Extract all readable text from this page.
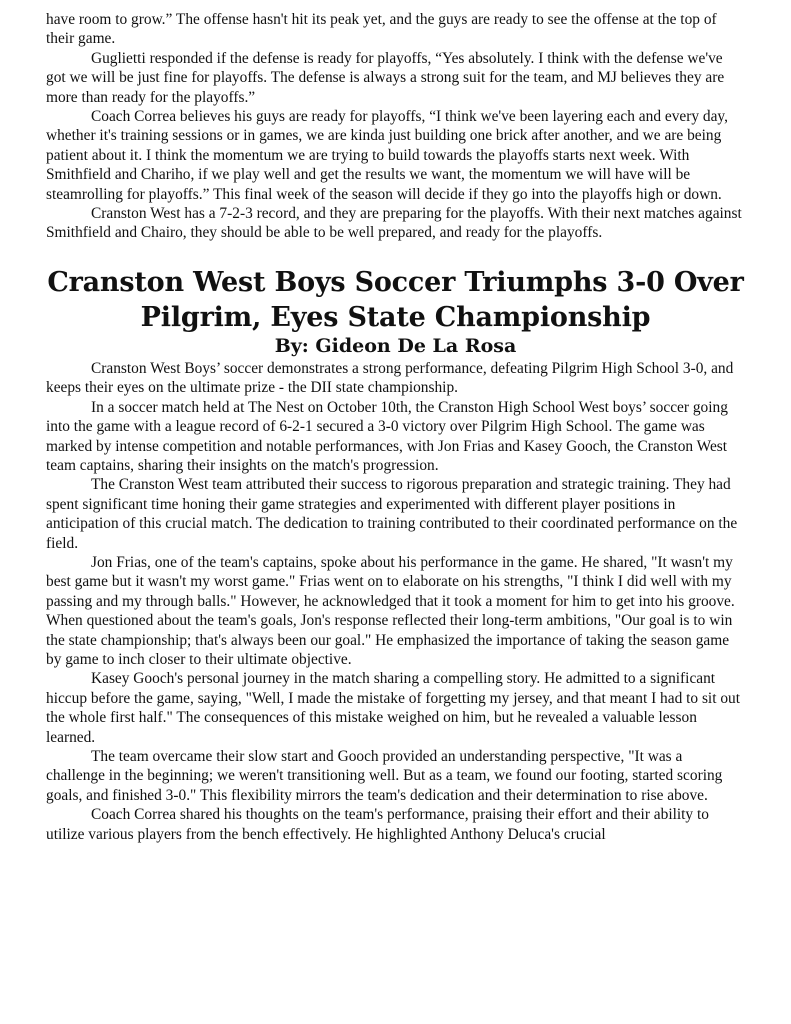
have room to grow.” The offense hasn't hit its peak yet, and the guys are ready to see the offense at the top of their game.

Guglietti responded if the defense is ready for playoffs, “Yes absolutely. I think with the defense we've got we will be just fine for playoffs. The defense is always a strong suit for the team, and MJ believes they are more than ready for the playoffs.”

Coach Correa believes his guys are ready for playoffs, “I think we've been layering each and every day, whether it's training sessions or in games, we are kinda just building one brick after another, and we are being patient about it. I think the momentum we are trying to build towards the playoffs starts next week. With Smithfield and Chariho, if we play well and get the results we want, the momentum we will have will be steamrolling for playoffs.” This final week of the season will decide if they go into the playoffs high or down.

Cranston West has a 7-2-3 record, and they are preparing for the playoffs. With their next matches against Smithfield and Chairo, they should be able to be well prepared, and ready for the playoffs.

Cranston West Boys Soccer Triumphs 3-0 Over Pilgrim, Eyes State Championship
By: Gideon De La Rosa

Cranston West Boys’ soccer demonstrates a strong performance, defeating Pilgrim High School 3-0, and keeps their eyes on the ultimate prize - the DII state championship.

In a soccer match held at The Nest on October 10th, the Cranston High School West boys’ soccer going into the game with a league record of 6-2-1 secured a 3-0 victory over Pilgrim High School. The game was marked by intense competition and notable performances, with Jon Frias and Kasey Gooch, the Cranston West team captains, sharing their insights on the match's progression.

The Cranston West team attributed their success to rigorous preparation and strategic training. They had spent significant time honing their game strategies and experimented with different player positions in anticipation of this crucial match. The dedication to training contributed to their coordinated performance on the field.

Jon Frias, one of the team's captains, spoke about his performance in the game. He shared, "It wasn't my best game but it wasn't my worst game." Frias went on to elaborate on his strengths, "I think I did well with my passing and my through balls." However, he acknowledged that it took a moment for him to get into his groove. When questioned about the team's goals, Jon's response reflected their long-term ambitions, "Our goal is to win the state championship; that's always been our goal." He emphasized the importance of taking the season game by game to inch closer to their ultimate objective.

Kasey Gooch's personal journey in the match sharing a compelling story. He admitted to a significant hiccup before the game, saying, "Well, I made the mistake of forgetting my jersey, and that meant I had to sit out the whole first half." The consequences of this mistake weighed on him, but he revealed a valuable lesson learned.

The team overcame their slow start and Gooch provided an understanding perspective, "It was a challenge in the beginning; we weren't transitioning well. But as a team, we found our footing, started scoring goals, and finished 3-0." This flexibility mirrors the team's dedication and their determination to rise above.

Coach Correa shared his thoughts on the team's performance, praising their effort and their ability to utilize various players from the bench effectively. He highlighted Anthony Deluca's crucial
